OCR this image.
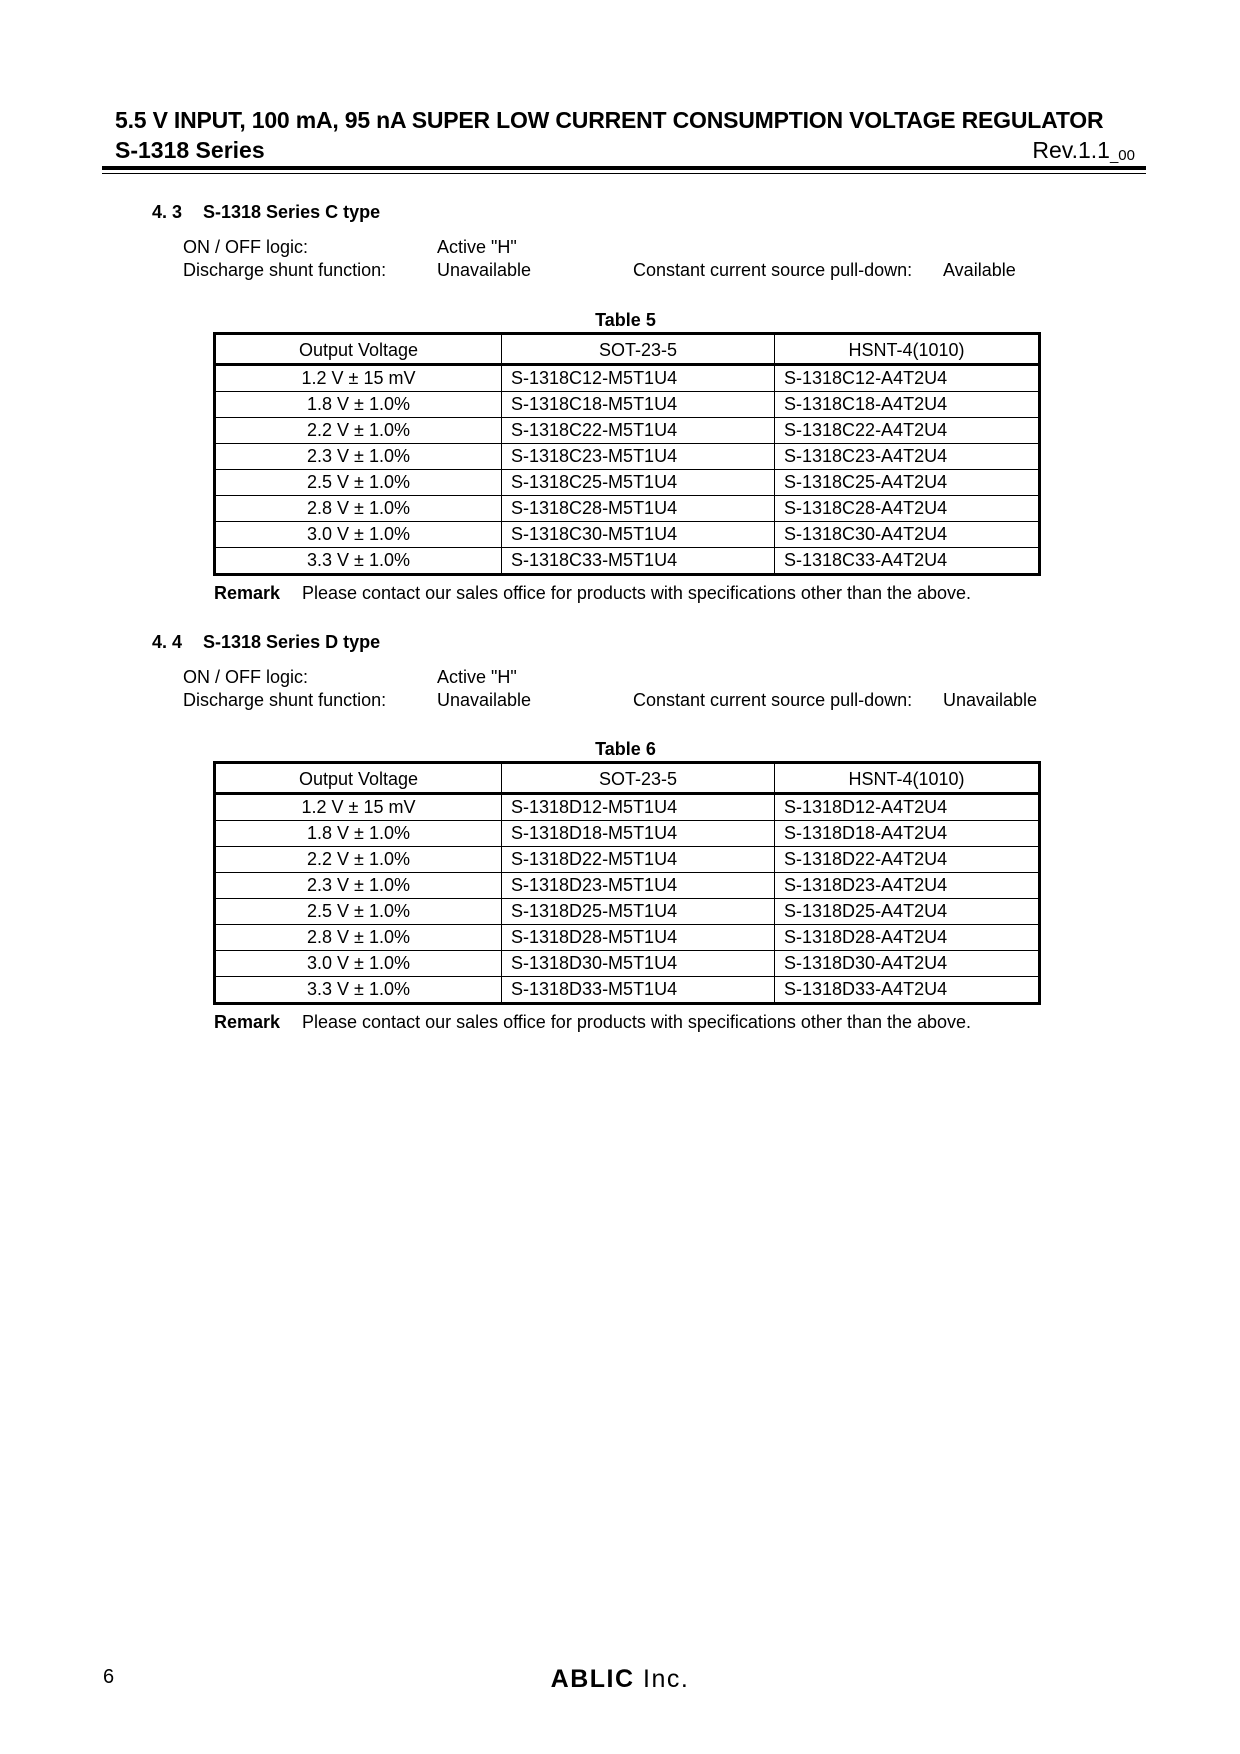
5.5 V INPUT, 100 mA, 95 nA SUPER LOW CURRENT CONSUMPTION VOLTAGE REGULATOR
S-1318 Series	$Rev.1.1_{\_00}$
4. 3 S-1318 Series C type
ON / OFF logic:	Active "H"
Discharge shunt function:	Unavailable	Constant current source pull-down: Available
Table 5
Output Voltage	SOT-23-5	HSNT-4(1010)
1.2 V ± 15 mV	S-1318C12-M5T1U4	S-1318C12-A4T2U4
1.8 V ± 1.0%	S-1318C18-M5T1U4	S-1318C18-A4T2U4
2.2 V ± 1.0%	S-1318C22-M5T1U4	S-1318C22-A4T2U4
2.3 V ± 1.0%	S-1318C23-M5T1U4	S-1318C23-A4T2U4
2.5 V ± 1.0%	S-1318C25-M5T1U4	S-1318C25-A4T2U4
2.8 V ± 1.0%	S-1318C28-M5T1U4	S-1318C28-A4T2U4
3.0 V ± 1.0%	S-1318C30-M5T1U4	S-1318C30-A4T2U4
3.3 V ± 1.0%	S-1318C33-M5T1U4	S-1318C33-A4T2U4
Remark Please contact our sales office for products with specifications other than the above.
4. 4 S-1318 Series D type
ON / OFF logic:	Active "H"
Discharge shunt function:	Unavailable	Constant current source pull-down: Unavailable
Table 6
Output Voltage	SOT-23-5	HSNT-4(1010)
1.2 V ± 15 mV	S-1318D12-M5T1U4	S-1318D12-A4T2U4
1.8 V ± 1.0%	S-1318D18-M5T1U4	S-1318D18-A4T2U4
2.2 V ± 1.0%	S-1318D22-M5T1U4	S-1318D22-A4T2U4
2.3 V ± 1.0%	S-1318D23-M5T1U4	S-1318D23-A4T2U4
2.5 V ± 1.0%	S-1318D25-M5T1U4	S-1318D25-A4T2U4
2.8 V ± 1.0%	S-1318D28-M5T1U4	S-1318D28-A4T2U4
3.0 V ± 1.0%	S-1318D30-M5T1U4	S-1318D30-A4T2U4
3.3 V ± 1.0%	S-1318D33-M5T1U4	S-1318D33-A4T2U4
Remark Please contact our sales office for products with specifications other than the above.
6	ABLIC Inc.
